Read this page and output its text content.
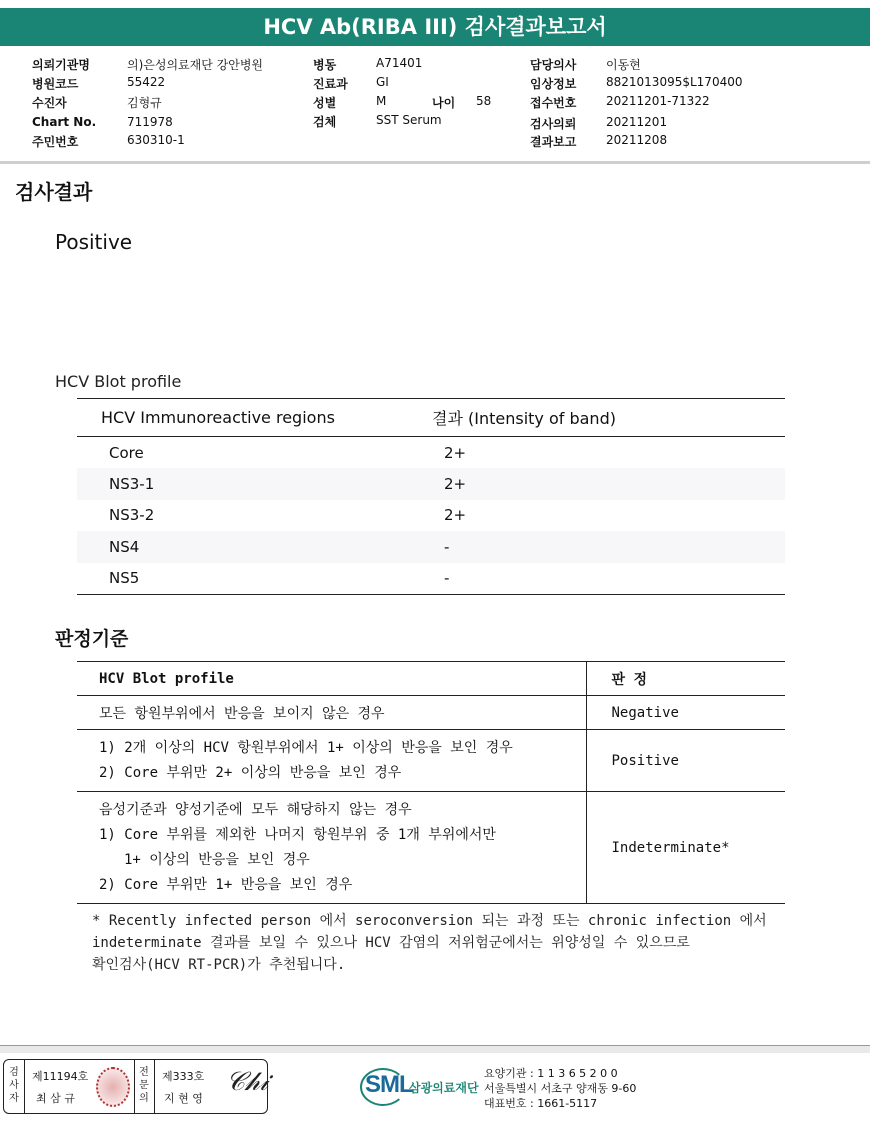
HCV Ab(RIBA III) 검사결과보고서
의뢰기관명	의)은성의료재단 강안병원
병원코드	55422
수진자	김형규
Chart No.	711978
주민번호	630310-1
병동	A71401
진료과 GI
성별	M	나이 58
검체	SST Serum
담당의사 이동현
임상정보 8821013095$L170400
접수번호 20211201-71322
검사의뢰 20211201
결과보고 20211208
검사결과
Positive
HCV Blot profile
HCV Immunoreactive regions	결과 (Intensity of band)
Core	2+
NS3-1	2+
NS3-2	2+
NS4	-
NS5	-
판정기준
HCV Blot profile	판 정
모든 항원부위에서 반응을 보이지 않은 경우	Negative

1) 2개 이상의 HCV 항원부위에서 1+ 이상의 반응을 보인 경우
2) Core 부위만 2+ 이상의 반응을 보인 경우	Positive

음성기준과 양성기준에 모두 해당하지 않는 경우
1) Core 부위를 제외한 나머지 항원부위 중 1개 부위에서만
1+ 이상의 반응을 보인 경우
2) Core 부위만 1+ 반응을 보인 경우	Indeterminate*
* Recently infected person 에서 seroconversion 되는 과정 또는 chronic infection 에서
indeterminate 결과를 보일 수 있으나 HCV 감염의 저위험군에서는 위양성일 수 있으므로
확인검사(HCV RT-PCR)가 추천됩니다.
검
사
자
제11194호
최 삼 규
전
문
의
제333호
지 현 영
𝒞𝒽𝒾	SML
삼광의료재단
요양기관 : 1 1 3 6 5 2 0 0
서울특별시 서초구 양재동 9-60
대표번호 : 1661-5117
